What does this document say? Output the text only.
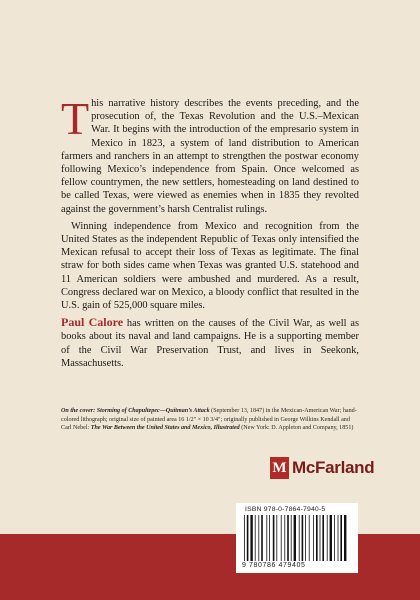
This narrative history describes the events preceding, and the prosecution of, the Texas Revolution and the U.S.–Mexican War. It begins with the introduction of the empresario system in Mexico in 1823, a system of land distribution to American farmers and ranchers in an attempt to strengthen the postwar economy following Mexico’s independence from Spain. Once welcomed as fellow countrymen, the new settlers, homesteading on land destined to be called Texas, were viewed as enemies when in 1835 they revolted against the government’s harsh Centralist rulings.

Winning independence from Mexico and recognition from the United States as the independent Republic of Texas only intensified the Mexican refusal to accept their loss of Texas as legitimate. The final straw for both sides came when Texas was granted U.S. statehood and 11 American soldiers were ambushed and murdered. As a result, Congress declared war on Mexico, a bloody conflict that resulted in the U.S. gain of 525,000 square miles.

Paul Calore has written on the causes of the Civil War, as well as books about its naval and land campaigns. He is a supporting member of the Civil War Preservation Trust, and lives in Seekonk, Massachusetts.

On the cover: Storming of Chapultepec—Quitman’s Attack (September 13, 1847) in the Mexican-American War; hand-colored lithograph; original size of painted area 16 1/2" × 10 3/4"; originally published in George Wilkins Kendall and Carl Nebel: The War Between the United States and Mexico, Illustrated (New York: D. Appleton and Company, 1851)
M McFarland
ISBN 978-0-7864-7940-5
9 780786 479405
